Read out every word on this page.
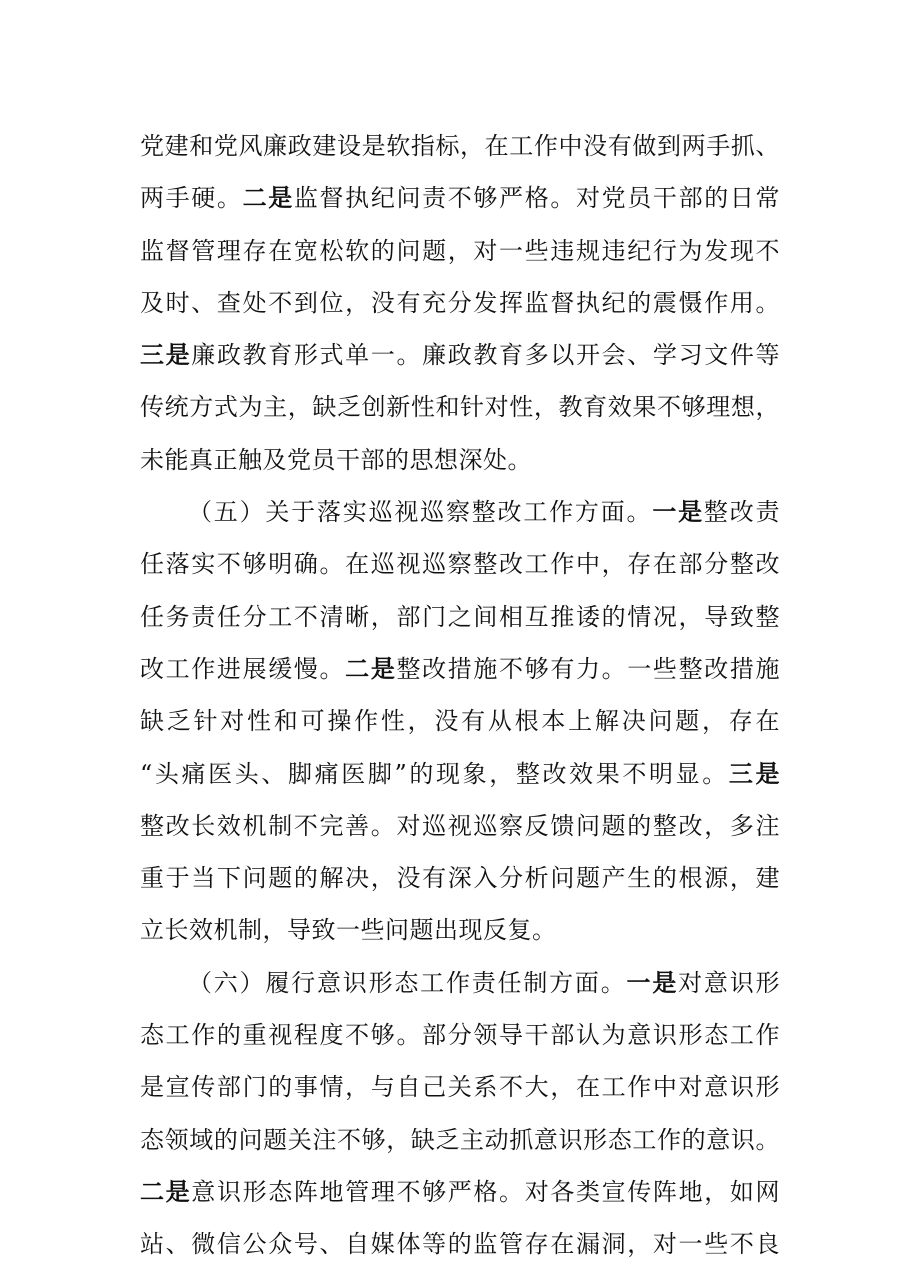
党建和党风廉政建设是软指标，在工作中没有做到两手抓、
两手硬。二是监督执纪问责不够严格。对党员干部的日常
监督管理存在宽松软的问题，对一些违规违纪行为发现不
及时、查处不到位，没有充分发挥监督执纪的震慑作用。
三是廉政教育形式单一。廉政教育多以开会、学习文件等
传统方式为主，缺乏创新性和针对性，教育效果不够理想，
未能真正触及党员干部的思想深处。
（五）关于落实巡视巡察整改工作方面。一是整改责
任落实不够明确。在巡视巡察整改工作中，存在部分整改
任务责任分工不清晰，部门之间相互推诿的情况，导致整
改工作进展缓慢。二是整改措施不够有力。一些整改措施
缺乏针对性和可操作性，没有从根本上解决问题，存在
“头痛医头、脚痛医脚”的现象，整改效果不明显。三是
整改长效机制不完善。对巡视巡察反馈问题的整改，多注
重于当下问题的解决，没有深入分析问题产生的根源，建
立长效机制，导致一些问题出现反复。
（六）履行意识形态工作责任制方面。一是对意识形
态工作的重视程度不够。部分领导干部认为意识形态工作
是宣传部门的事情，与自己关系不大，在工作中对意识形
态领域的问题关注不够，缺乏主动抓意识形态工作的意识。
二是意识形态阵地管理不够严格。对各类宣传阵地，如网
站、微信公众号、自媒体等的监管存在漏洞，对一些不良
